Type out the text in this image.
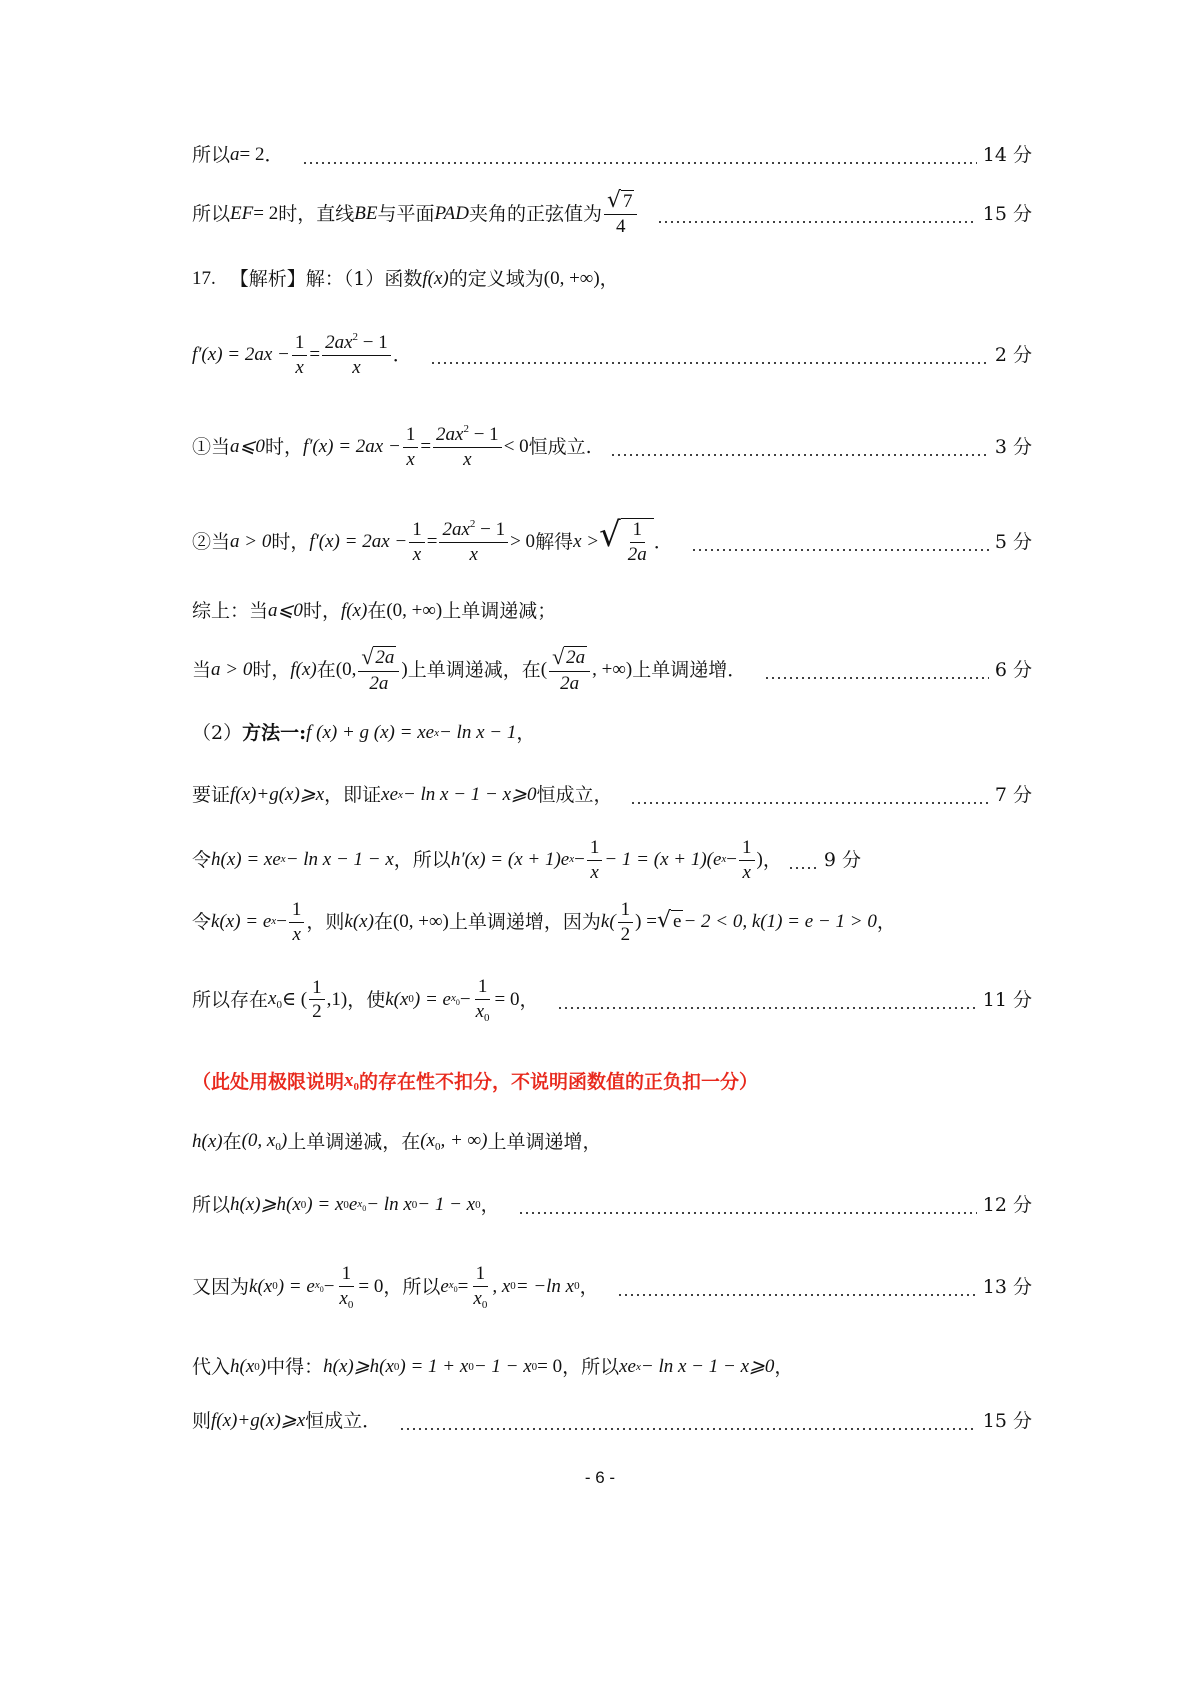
所以 a = 2 ．	14 分
所以 EF = 2 时，直线 BE 与平面 PAD 夹角的正弦值为 $\frac{√ 7}{4}$	15 分
17. 【解析】 解：（1）函数 f(x) 的定义域为 (0, +∞) ，
$f'(x) = 2ax - \frac{1}{x} = \frac{2ax^2 - 1}{x}$ ．	2 分
①当 a⩽0 时， $f'(x) = 2ax - \frac{1}{x} = \frac{2ax^2 - 1}{x} < 0$ 恒成立.	3 分
②当 a > 0 时， $f'(x) = 2ax - \frac{1}{x} = \frac{2ax^2 - 1}{x} > 0$ 解得 x > √ $\frac{1}{2a}$ ．	5 分
综上：当 a⩽0 时， f(x) 在 (0, +∞) 上单调递减；
当 a > 0 时， f(x) 在 (0, $\frac{√ 2a}{2a}$ ) 上单调递减，在 ( $\frac{√ 2a}{2a}$ , +∞) 上单调递增．	6 分
（2） 方法一: f (x) + g (x) = xe x − ln x − 1 ，
要证 f(x)+g(x)⩾x ，即证 xe x − ln x − 1 − x⩾0 恒成立，	7 分
令 h(x) = xe x − ln x − 1 − x ，所以 h′(x) = (x + 1)e $x - \frac{1}{x} - 1 = (x + 1)(e$ $x - \frac{1}{x}$ ) ， 9 分
令 k(x) = e $x - \frac{1}{x}$ ，则 k(x) 在 (0, +∞) 上单调递增，因为 $k( \frac{1}{2}$ ) = √ e − 2 < 0, k(1) = e − 1 > 0 ，
所以存在 $x_0$ ∈ ( $\frac{1}{2} ,1$) ，使 k(x 0 ) = e $x_0 - \frac{1}{x_0} = 0$ ，	11 分
（此处用极限说明 $x_0$ 的存在性不扣分，不说明函数值的正负扣一分）
h(x) 在 (0, $x_0$) 上单调递减，在 ($x_0$, + ∞) 上单调递增，
所以 h(x)⩾h(x 0 ) = x 0 e $x_0 - \ln x$ 0 − 1 − x 0 ，	12 分
又因为 k(x 0 ) = e $x_0 - \frac{1}{x_0} = 0$ ，所以 e $x_0 = \frac{1}{x_0}$ , x 0 = −ln x 0 ，	13 分
代入 h(x 0 ) 中得： h(x)⩾h(x 0 ) = 1 + x 0 − 1 − x 0 = 0 ，所以 xe x − ln x − 1 − x⩾0 ，
则 f(x)+g(x)⩾x 恒成立．	15 分
- 6 -
